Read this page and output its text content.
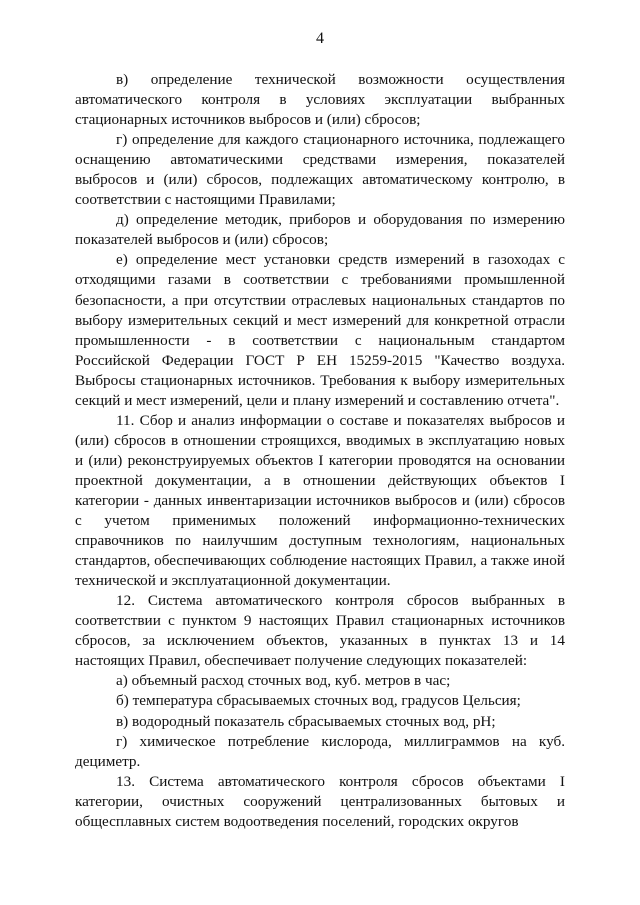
4

в) определение технической возможности осуществления автоматического контроля в условиях эксплуатации выбранных стационарных источников выбросов и (или) сбросов;

г) определение для каждого стационарного источника, подлежащего оснащению автоматическими средствами измерения, показателей выбросов и (или) сбросов, подлежащих автоматическому контролю, в соответствии с настоящими Правилами;

д) определение методик, приборов и оборудования по измерению показателей выбросов и (или) сбросов;

е) определение мест установки средств измерений в газоходах с отходящими газами в соответствии с требованиями промышленной безопасности, а при отсутствии отраслевых национальных стандартов по выбору измерительных секций и мест измерений для конкретной отрасли промышленности - в соответствии с национальным стандартом Российской Федерации ГОСТ Р ЕН 15259-2015 "Качество воздуха. Выбросы стационарных источников. Требования к выбору измерительных секций и мест измерений, цели и плану измерений и составлению отчета".

11. Сбор и анализ информации о составе и показателях выбросов и (или) сбросов в отношении строящихся, вводимых в эксплуатацию новых и (или) реконструируемых объектов I категории проводятся на основании проектной документации, а в отношении действующих объектов I категории - данных инвентаризации источников выбросов и (или) сбросов с учетом применимых положений информационно-технических справочников по наилучшим доступным технологиям, национальных стандартов, обеспечивающих соблюдение настоящих Правил, а также иной технической и эксплуатационной документации.

12. Система автоматического контроля сбросов выбранных в соответствии с пунктом 9 настоящих Правил стационарных источников сбросов, за исключением объектов, указанных в пунктах 13 и 14 настоящих Правил, обеспечивает получение следующих показателей:

а) объемный расход сточных вод, куб. метров в час;

б) температура сбрасываемых сточных вод, градусов Цельсия;

в) водородный показатель сбрасываемых сточных вод, pH;

г) химическое потребление кислорода, миллиграммов на куб. дециметр.

13. Система автоматического контроля сбросов объектами I категории, очистных сооружений централизованных бытовых и общесплавных систем водоотведения поселений, городских округов
